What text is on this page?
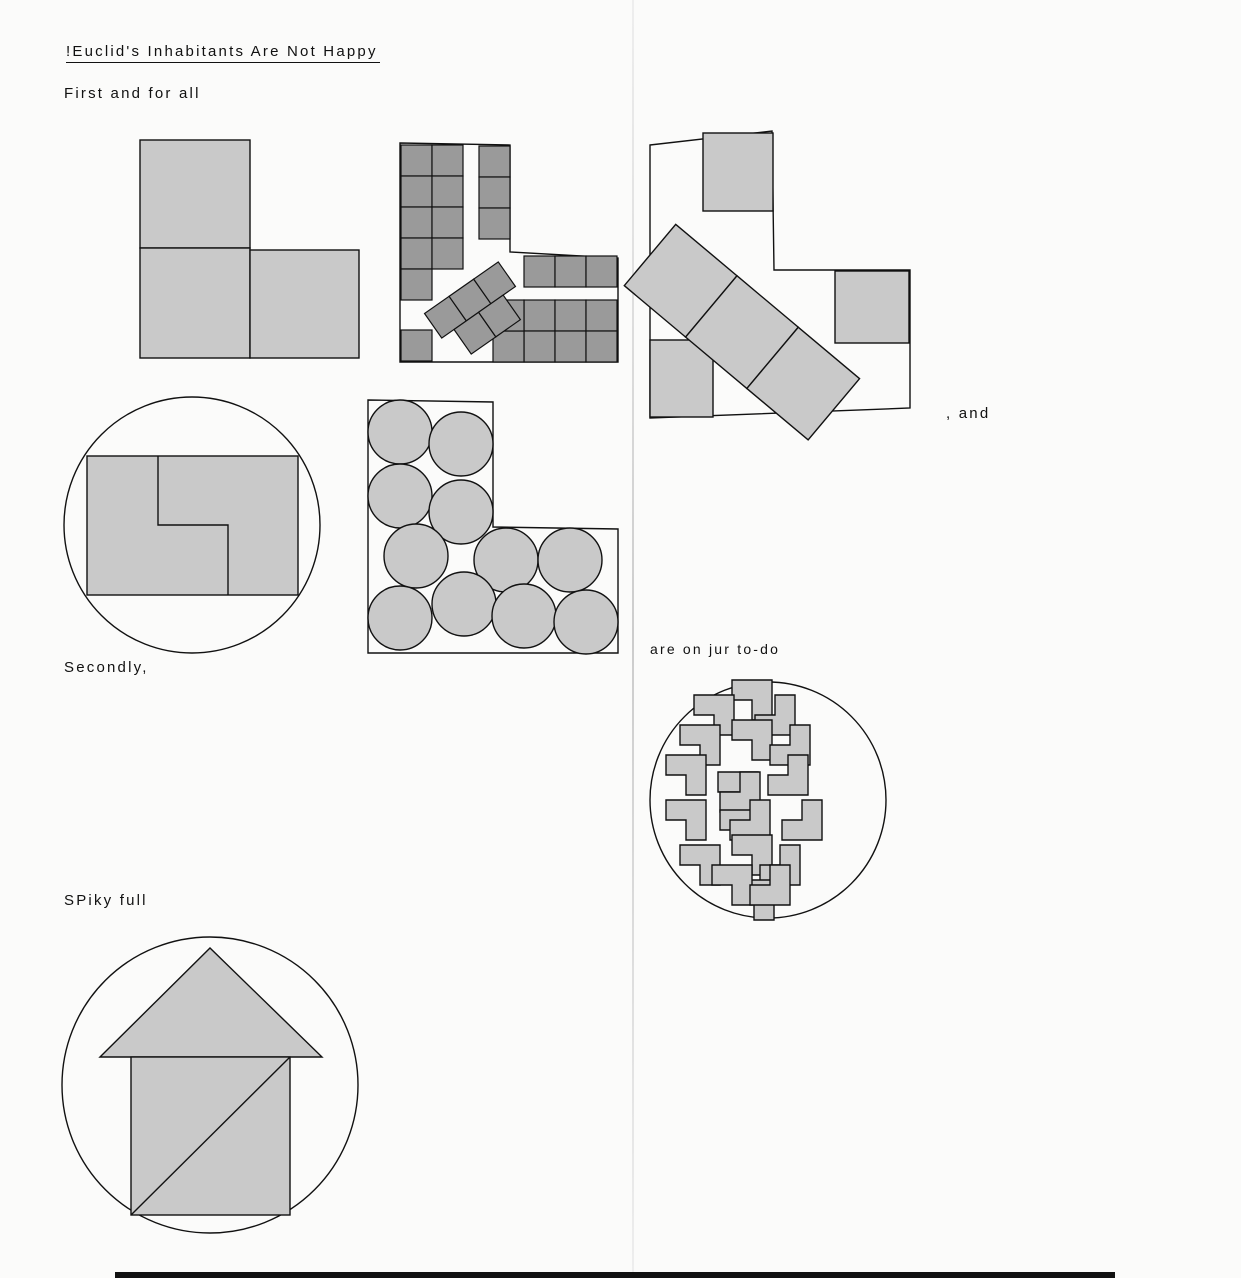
!Euclid's Inhabitants Are Not Happy
First and for all
, and
Secondly,
are on jur to-do
SPiky full
